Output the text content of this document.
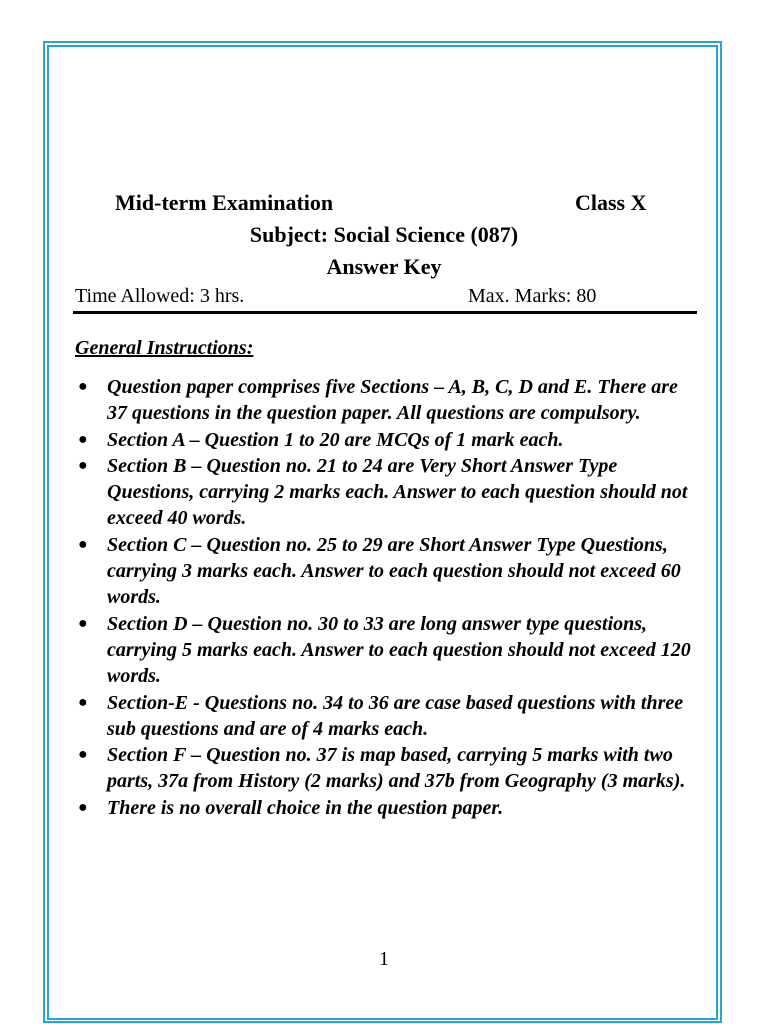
Mid-term Examination	Class X
Subject: Social Science (087)
Answer Key
Time Allowed: 3 hrs.	Max. Marks: 80
General Instructions:
● Question paper comprises five Sections – A, B, C, D and E. There are 37 questions in the question paper. All questions are compulsory.
● Section A – Question 1 to 20 are MCQs of 1 mark each.
● Section B – Question no. 21 to 24 are Very Short Answer Type Questions, carrying 2 marks each. Answer to each question should not exceed 40 words.
● Section C – Question no. 25 to 29 are Short Answer Type Questions, carrying 3 marks each. Answer to each question should not exceed 60 words.
● Section D – Question no. 30 to 33 are long answer type questions, carrying 5 marks each. Answer to each question should not exceed 120 words.
● Section-E - Questions no. 34 to 36 are case based questions with three sub questions and are of 4 marks each.
● Section F – Question no. 37 is map based, carrying 5 marks with two parts, 37a from History (2 marks) and 37b from Geography (3 marks).
● There is no overall choice in the question paper.
1
